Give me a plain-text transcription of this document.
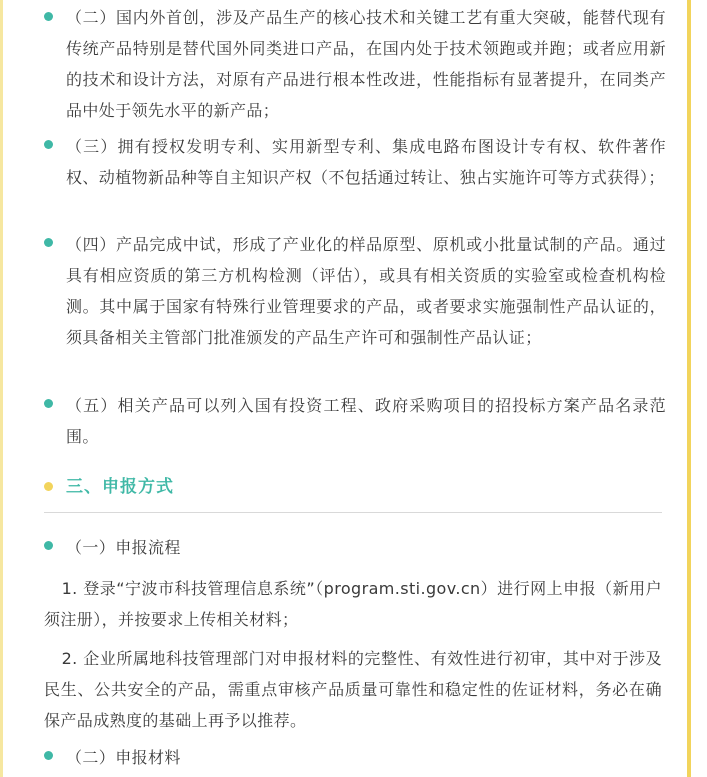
（二）国内外首创，涉及产品生产的核心技术和关键工艺有重大突破，能替代现有传统产品特别是替代国外同类进口产品，在国内处于技术领跑或并跑；或者应用新的技术和设计方法，对原有产品进行根本性改进，性能指标有显著提升，在同类产品中处于领先水平的新产品；
（三）拥有授权发明专利、实用新型专利、集成电路布图设计专有权、软件著作权、动植物新品种等自主知识产权（不包括通过转让、独占实施许可等方式获得）；
（四）产品完成中试，形成了产业化的样品原型、原机或小批量试制的产品。通过具有相应资质的第三方机构检测（评估），或具有相关资质的实验室或检查机构检测。其中属于国家有特殊行业管理要求的产品，或者要求实施强制性产品认证的，须具备相关主管部门批准颁发的产品生产许可和强制性产品认证；
（五）相关产品可以列入国有投资工程、政府采购项目的招投标方案产品名录范围。
三、申报方式
（一）申报流程
1. 登录“宁波市科技管理信息系统”（program.sti.gov.cn）进行网上申报（新用户须注册），并按要求上传相关材料；
2. 企业所属地科技管理部门对申报材料的完整性、有效性进行初审，其中对于涉及民生、公共安全的产品，需重点审核产品质量可靠性和稳定性的佐证材料，务必在确保产品成熟度的基础上再予以推荐。
（二）申报材料
